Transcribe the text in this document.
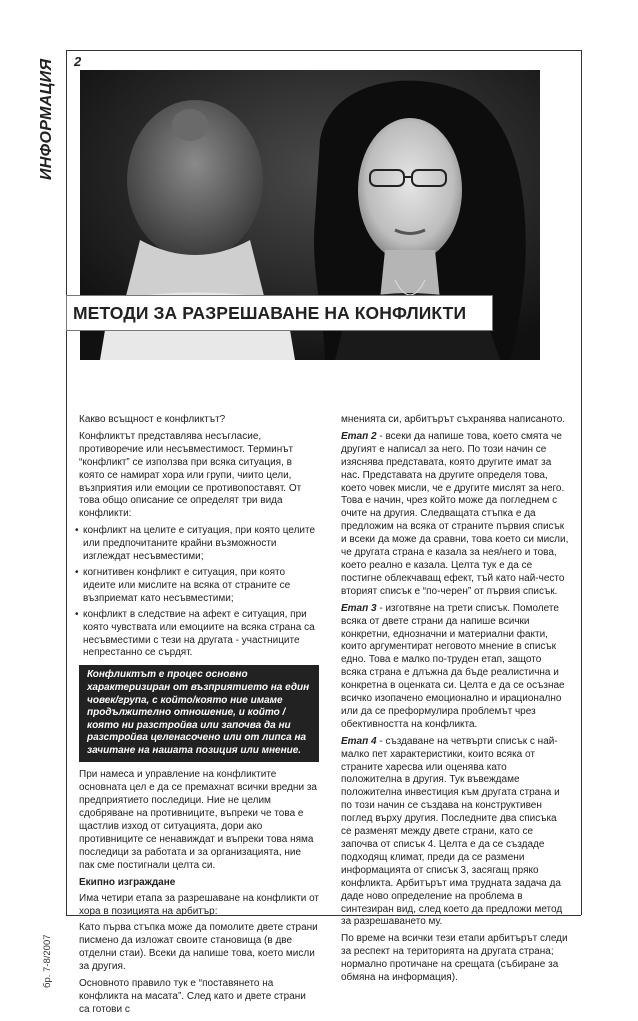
ИНФОРМАЦИЯ
бр. 7-8/2007
2
МЕТОДИ ЗА РАЗРЕШАВАНЕ НА КОНФЛИКТИ

Какво всъщност е конфликтът?

Конфликтът представлява несъгласие, противоречие или несъвместимост. Терминът “конфликт” се използва при всяка ситуация, в която се намират хора или групи, чиито цели, възприятия или емоции се противопоставят. От това общо описание се определят три вида конфликти:

• конфликт на целите е ситуация, при която целите или предпочитаните крайни възможности изглеждат несъвместими;
• когнитивен конфликт е ситуация, при която идеите или мислите на всяка от страните се възприемат като несъвместими;
• конфликт в следствие на афект е ситуация, при която чувствата или емоциите на всяка страна са несъвместими с тези на другата - участниците непрестанно се сърдят.
Конфликтът е процес основно характеризиран от възприятието на един човек/група, с който/която ние имаме продължително отношение, и който /която ни разстройва или започва да ни разстройва целенасочено или от липса на зачитане на нашата позиция или мнение.

При намеса и управление на конфликтите основната цел е да се премахнат всички вредни за предприятието последици. Ние не целим сдобряване на противниците, въпреки че това е щастлив изход от ситуацията, дори ако противниците се ненавиждат и въпреки това няма последици за работата и за организацията, ние пак сме постигнали целта си.

Екипно изграждане

Има четири етапа за разрешаване на конфликти от хора в позицията на арбитър:

Като първа стъпка може да помолите двете страни писмено да изложат своите становища (в две отделни стаи). Всеки да напише това, което мисли за другия.

Основното правило тук е “поставянето на конфликта на масата”. След като и двете страни са готови с

мненията си, арбитърът съхранява написаното.

Етап 2 - всеки да напише това, което смята че другият е написал за него. По този начин се изяснява представата, която другите имат за нас. Представата на другите определя това, което човек мисли, че е другите мислят за него. Това е начин, чрез който може да погледнем с очите на другия. Следващата стъпка е да предложим на всяка от страните първия списък и всеки да може да сравни, това което си мисли, че другата страна е казала за нея/него и това, което реално е казала. Целта тук е да се постигне облекчаващ ефект, тъй като най-често вторият списък е “по-черен” от първия списък.

Етап 3 - изготвяне на трети списък. Помолете всяка от двете страни да напише всички конкретни, еднозначни и материални факти, които аргументират неговото мнение в списък едно. Това е малко по-труден етап, защото всяка страна е длъжна да бъде реалистична и конкретна в оценката си. Целта е да се осъзнае всичко изопачено емоционално и ирационално или да се преформулира проблемът чрез обективността на конфликта.

Етап 4 - създаване на четвърти списък с най-малко пет характеристики, които всяка от страните харесва или оценява като положителна в другия. Тук въвеждаме положителна инвестиция към другата страна и по този начин се създава на конструктивен поглед върху другия. Последните два списъка се разменят между двете страни, като се започва от списък 4. Целта е да се създаде подходящ климат, преди да се размени информацията от списък 3, засягащ пряко конфликта. Арбитърът има трудната задача да даде ново определение на проблема в синтезиран вид, след което да предложи метод за разрешаването му.

По време на всички тези етапи арбитърът следи за респект на територията на другата страна; нормално протичане на срещата (събиране за обмяна на информация).
